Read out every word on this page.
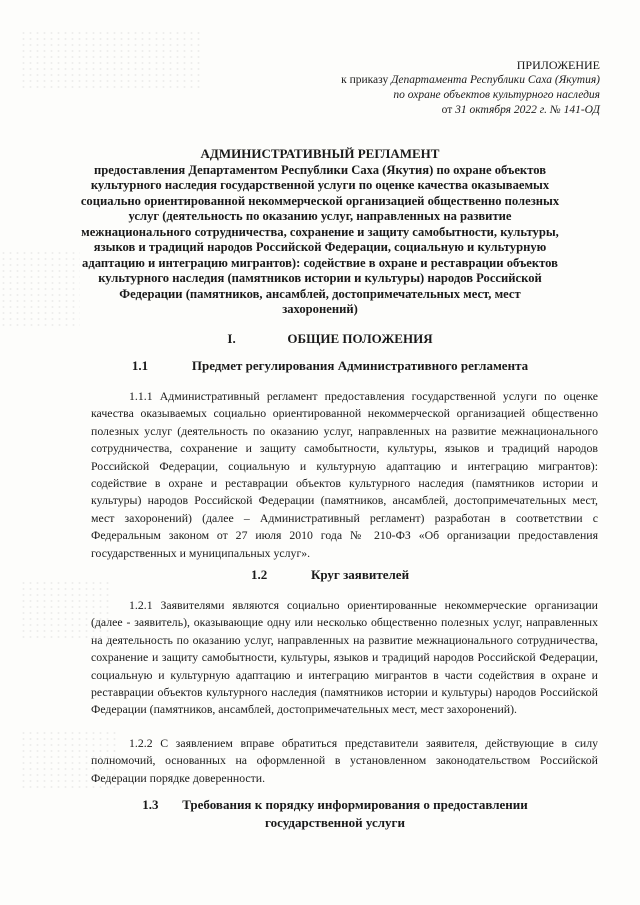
ПРИЛОЖЕНИЕ
к приказу Департамента Республики Саха (Якутия)
по охране объектов культурного наследия
от 31 октября 2022 г. № 141-ОД
АДМИНИСТРАТИВНЫЙ РЕГЛАМЕНТ
предоставления Департаментом Республики Саха (Якутия) по охране объектов культурного наследия государственной услуги по оценке качества оказываемых социально ориентированной некоммерческой организацией общественно полезных услуг (деятельность по оказанию услуг, направленных на развитие межнационального сотрудничества, сохранение и защиту самобытности, культуры, языков и традиций народов Российской Федерации, социальную и культурную адаптацию и интеграцию мигрантов): содействие в охране и реставрации объектов культурного наследия (памятников истории и культуры) народов Российской Федерации (памятников, ансамблей, достопримечательных мест, мест захоронений)
I.	ОБЩИЕ ПОЛОЖЕНИЯ
1.1	Предмет регулирования Административного регламента
1.1.1 Административный регламент предоставления государственной услуги по оценке качества оказываемых социально ориентированной некоммерческой организацией общественно полезных услуг (деятельность по оказанию услуг, направленных на развитие межнационального сотрудничества, сохранение и защиту самобытности, культуры, языков и традиций народов Российской Федерации, социальную и культурную адаптацию и интеграцию мигрантов): содействие в охране и реставрации объектов культурного наследия (памятников истории и культуры) народов Российской Федерации (памятников, ансамблей, достопримечательных мест, мест захоронений) (далее – Административный регламент) разработан в соответствии с Федеральным законом от 27 июля 2010 года № 210-ФЗ «Об организации предоставления государственных и муниципальных услуг».
1.2	Круг заявителей
1.2.1 Заявителями являются социально ориентированные некоммерческие организации (далее - заявитель), оказывающие одну или несколько общественно полезных услуг, направленных на деятельность по оказанию услуг, направленных на развитие межнационального сотрудничества, сохранение и защиту самобытности, культуры, языков и традиций народов Российской Федерации, социальную и культурную адаптацию и интеграцию мигрантов в части содействия в охране и реставрации объектов культурного наследия (памятников истории и культуры) народов Российской Федерации (памятников, ансамблей, достопримечательных мест, мест захоронений).
1.2.2 С заявлением вправе обратиться представители заявителя, действующие в силу полномочий, основанных на оформленной в установленном законодательством Российской Федерации порядке доверенности.
1.3 Требования к порядку информирования о предоставлении государственной услуги
